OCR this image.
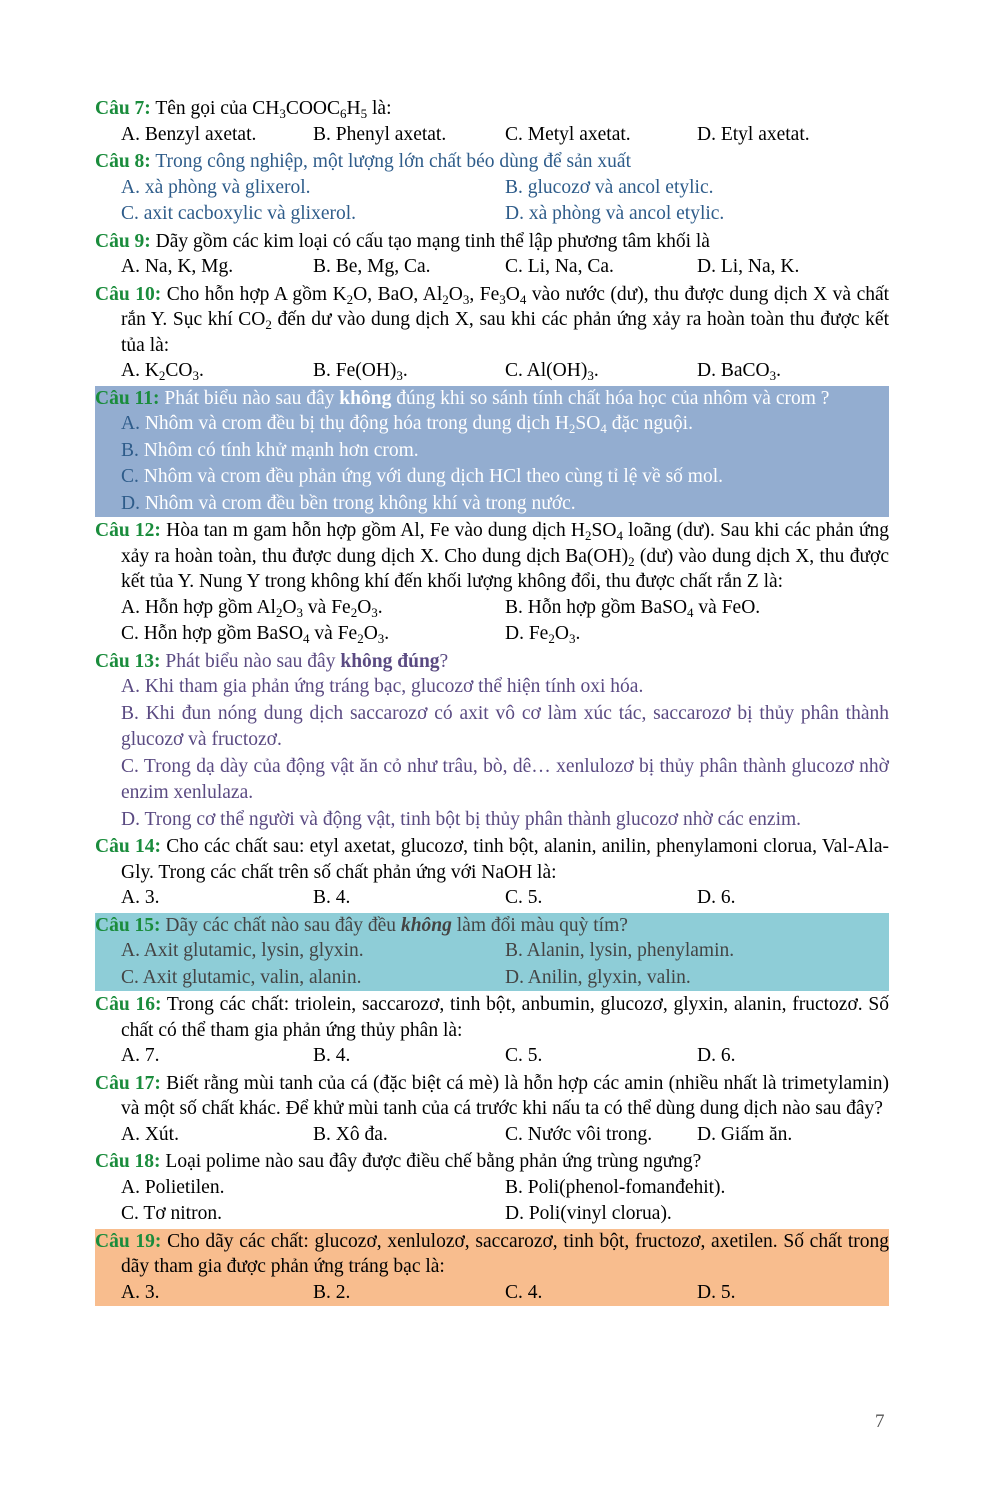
Câu 7: Tên gọi của $CH_3COOC_6H_5$ là:
A. Benzyl axetat.	B. Phenyl axetat.	C. Metyl axetat.	D. Etyl axetat.
Câu 8: Trong công nghiệp, một lượng lớn chất béo dùng để sản xuất
A. xà phòng và glixerol.	B. glucozơ và ancol etylic.
C. axit cacboxylic và glixerol.	D. xà phòng và ancol etylic.
Câu 9: Dãy gồm các kim loại có cấu tạo mạng tinh thể lập phương tâm khối là
A. Na, K, Mg.	B. Be, Mg, Ca.	C. Li, Na, Ca.	D. Li, Na, K.
Câu 10: Cho hỗn hợp A gồm $K_2O$, BaO, $Al_2O_3$, $Fe_3O_4$ vào nước (dư), thu được dung dịch X và chất rắn Y. Sục khí $CO_2$ đến dư vào dung dịch X, sau khi các phản ứng xảy ra hoàn toàn thu được kết tủa là:
A. $K_2CO_3$.	B. $Fe(OH)_3$.	C. $Al(OH)_3$.	D. BaCO$_3$.
Câu 11: Phát biểu nào sau đây không đúng khi so sánh tính chất hóa học của nhôm và crom ?
A. Nhôm và crom đều bị thụ động hóa trong dung dịch $H_2SO_4$ đặc nguội.
B. Nhôm có tính khử mạnh hơn crom.
C. Nhôm và crom đều phản ứng với dung dịch HCl theo cùng tỉ lệ về số mol.
D. Nhôm và crom đều bền trong không khí và trong nước.
Câu 12: Hòa tan m gam hỗn hợp gồm Al, Fe vào dung dịch $H_2SO_4$ loãng (dư). Sau khi các phản ứng xảy ra hoàn toàn, thu được dung dịch X. Cho dung dịch $Ba(OH)_2$ (dư) vào dung dịch X, thu được kết tủa Y. Nung Y trong không khí đến khối lượng không đổi, thu được chất rắn Z là:
A. Hỗn hợp gồm $Al_2O_3$ và $Fe_2O_3$.	B. Hỗn hợp gồm BaSO$_4$ và FeO.
C. Hỗn hợp gồm BaSO$_4$ và $Fe_2O_3$.	D. $Fe_2O_3$.
Câu 13: Phát biểu nào sau đây không đúng?
A. Khi tham gia phản ứng tráng bạc, glucozơ thể hiện tính oxi hóa.
B. Khi đun nóng dung dịch saccarozơ có axit vô cơ làm xúc tác, saccarozơ bị thủy phân thành glucozơ và fructozơ.
C. Trong dạ dày của động vật ăn cỏ như trâu, bò, dê… xenlulozơ bị thủy phân thành glucozơ nhờ enzim xenlulaza.
D. Trong cơ thể người và động vật, tinh bột bị thủy phân thành glucozơ nhờ các enzim.
Câu 14: Cho các chất sau: etyl axetat, glucozơ, tinh bột, alanin, anilin, phenylamoni clorua, Val-Ala-Gly. Trong các chất trên số chất phản ứng với NaOH là:
A. 3.	B. 4.	C. 5.	D. 6.
Câu 15: Dãy các chất nào sau đây đều không làm đổi màu quỳ tím?
A. Axit glutamic, lysin, glyxin.	B. Alanin, lysin, phenylamin.
C. Axit glutamic, valin, alanin.	D. Anilin, glyxin, valin.
Câu 16: Trong các chất: triolein, saccarozơ, tinh bột, anbumin, glucozơ, glyxin, alanin, fructozơ. Số chất có thể tham gia phản ứng thủy phân là:
A. 7.	B. 4.	C. 5.	D. 6.
Câu 17: Biết rằng mùi tanh của cá (đặc biệt cá mè) là hỗn hợp các amin (nhiều nhất là trimetylamin) và một số chất khác. Để khử mùi tanh của cá trước khi nấu ta có thể dùng dung dịch nào sau đây?
A. Xút.	B. Xô đa.	C. Nước vôi trong.	D. Giấm ăn.
Câu 18: Loại polime nào sau đây được điều chế bằng phản ứng trùng ngưng?
A. Polietilen.	B. Poli(phenol-fomanđehit).
C. Tơ nitron.	D. Poli(vinyl clorua).
Câu 19: Cho dãy các chất: glucozơ, xenlulozơ, saccarozơ, tinh bột, fructozơ, axetilen. Số chất trong dãy tham gia được phản ứng tráng bạc là:
A. 3.	B. 2.	C. 4.	D. 5.
7
